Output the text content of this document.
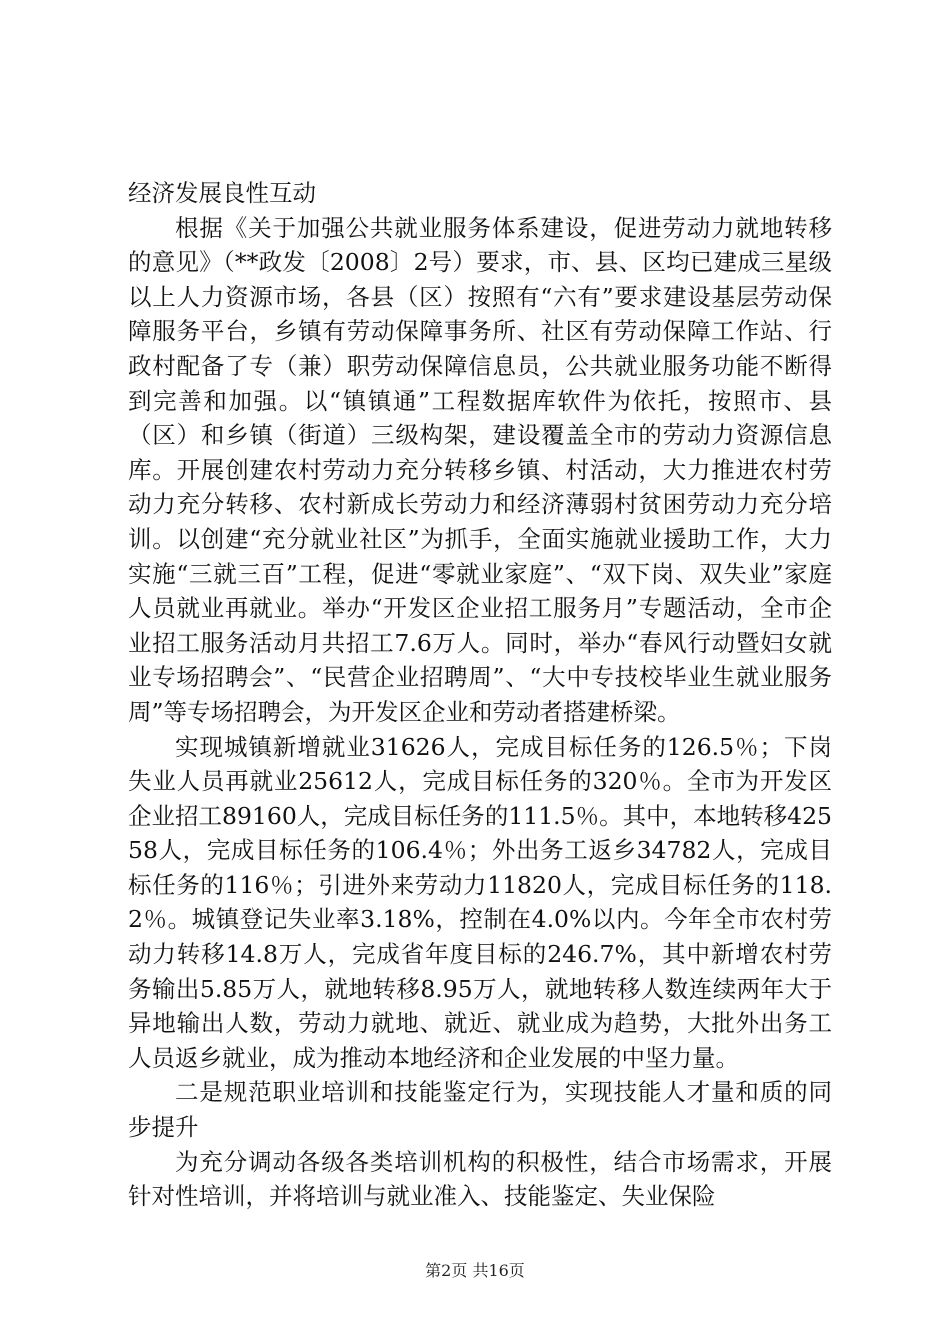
经济发展良性互动

根据《关于加强公共就业服务体系建设，促进劳动力就地转移的意见》（**政发〔2008〕2号）要求，市、县、区均已建成三星级以上人力资源市场，各县（区）按照有“六有”要求建设基层劳动保障服务平台，乡镇有劳动保障事务所、社区有劳动保障工作站、行政村配备了专（兼）职劳动保障信息员，公共就业服务功能不断得到完善和加强。以“镇镇通”工程数据库软件为依托，按照市、县（区）和乡镇（街道）三级构架，建设覆盖全市的劳动力资源信息库。开展创建农村劳动力充分转移乡镇、村活动，大力推进农村劳动力充分转移、农村新成长劳动力和经济薄弱村贫困劳动力充分培训。以创建“充分就业社区”为抓手，全面实施就业援助工作，大力实施“三就三百”工程，促进“零就业家庭”、“双下岗、双失业”家庭人员就业再就业。举办“开发区企业招工服务月”专题活动，全市企业招工服务活动月共招工7.6万人。同时，举办“春风行动暨妇女就业专场招聘会”、“民营企业招聘周”、“大中专技校毕业生就业服务周”等专场招聘会，为开发区企业和劳动者搭建桥梁。

实现城镇新增就业31626人，完成目标任务的126.5％；下岗失业人员再就业25612人，完成目标任务的320％。全市为开发区企业招工89160人，完成目标任务的111.5％。其中，本地转移42558人，完成目标任务的106.4％；外出务工返乡34782人，完成目标任务的116％；引进外来劳动力11820人，完成目标任务的118.2％。城镇登记失业率3.18%，控制在4.0%以内。今年全市农村劳动力转移14.8万人，完成省年度目标的246.7%，其中新增农村劳务输出5.85万人，就地转移8.95万人，就地转移人数连续两年大于异地输出人数，劳动力就地、就近、就业成为趋势，大批外出务工人员返乡就业，成为推动本地经济和企业发展的中坚力量。

二是规范职业培训和技能鉴定行为，实现技能人才量和质的同步提升

为充分调动各级各类培训机构的积极性，结合市场需求，开展针对性培训，并将培训与就业准入、技能鉴定、失业保险

第2页 共16页
